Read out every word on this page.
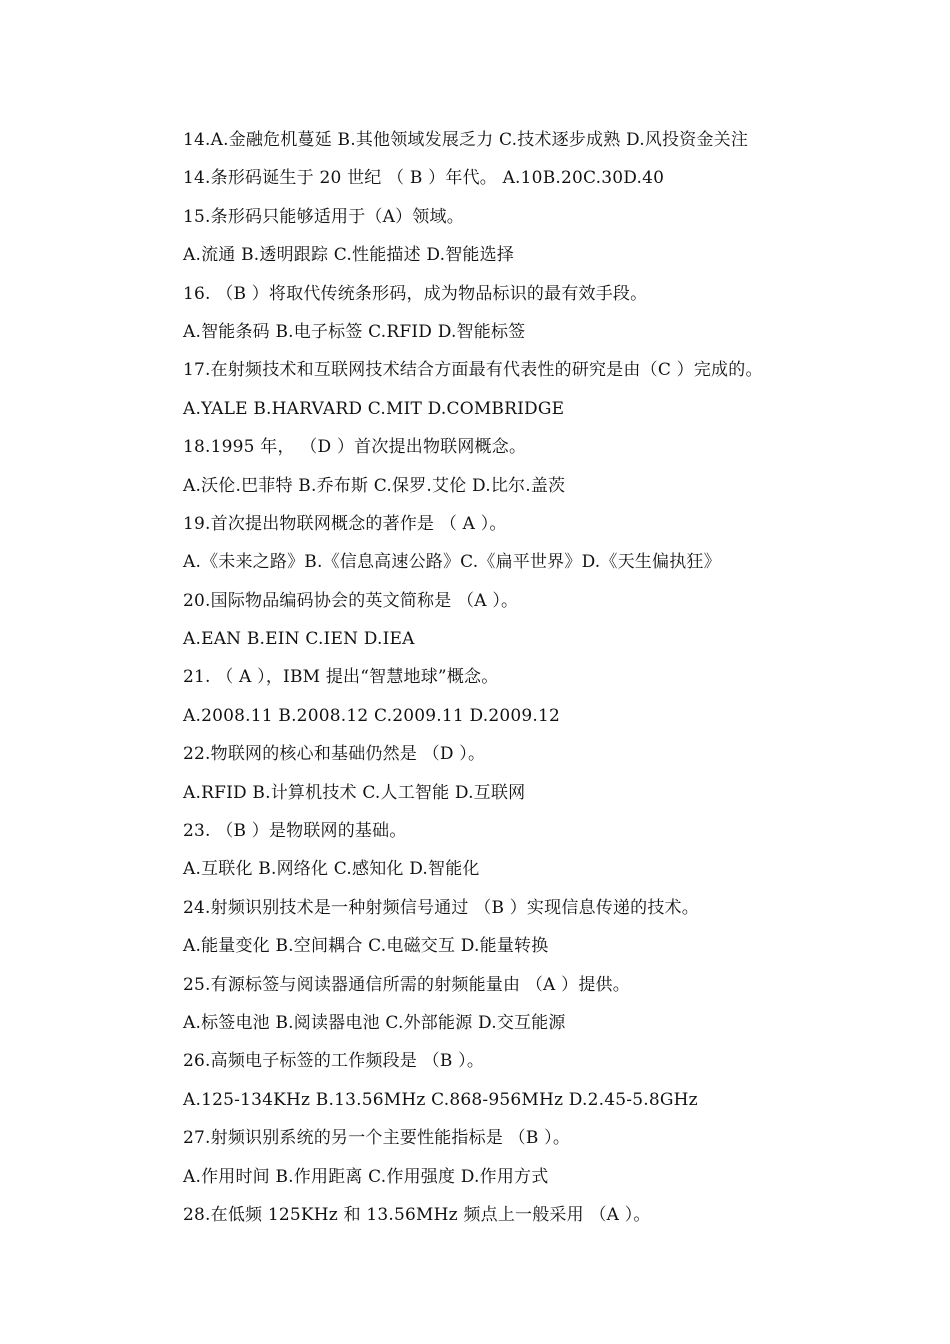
14.A.金融危机蔓延 B.其他领域发展乏力 C.技术逐步成熟 D.风投资金关注
14.条形码诞生于 20 世纪 （ B ）年代。 A.10B.20C.30D.40
15.条形码只能够适用于（A）领域。
A.流通 B.透明跟踪 C.性能描述 D.智能选择
16. （B ）将取代传统条形码，成为物品标识的最有效手段。
A.智能条码 B.电子标签 C.RFID D.智能标签
17.在射频技术和互联网技术结合方面最有代表性的研究是由（C ）完成的。
A.YALE B.HARVARD C.MIT D.COMBRIDGE
18.1995 年， （D ）首次提出物联网概念。
A.沃伦.巴菲特 B.乔布斯 C.保罗.艾伦 D.比尔.盖茨
19.首次提出物联网概念的著作是 （ A ）。
A.《未来之路》B.《信息高速公路》C.《扁平世界》D.《天生偏执狂》
20.国际物品编码协会的英文简称是 （A ）。
A.EAN B.EIN C.IEN D.IEA
21. （ A ），IBM 提出“智慧地球”概念。
A.2008.11 B.2008.12 C.2009.11 D.2009.12
22.物联网的核心和基础仍然是 （D ）。
A.RFID B.计算机技术 C.人工智能 D.互联网
23. （B ）是物联网的基础。
A.互联化 B.网络化 C.感知化 D.智能化
24.射频识别技术是一种射频信号通过 （B ）实现信息传递的技术。
A.能量变化 B.空间耦合 C.电磁交互 D.能量转换
25.有源标签与阅读器通信所需的射频能量由 （A ）提供。
A.标签电池 B.阅读器电池 C.外部能源 D.交互能源
26.高频电子标签的工作频段是 （B ）。
A.125-134KHz B.13.56MHz C.868-956MHz D.2.45-5.8GHz
27.射频识别系统的另一个主要性能指标是 （B ）。
A.作用时间 B.作用距离 C.作用强度 D.作用方式
28.在低频 125KHz 和 13.56MHz 频点上一般采用 （A ）。
